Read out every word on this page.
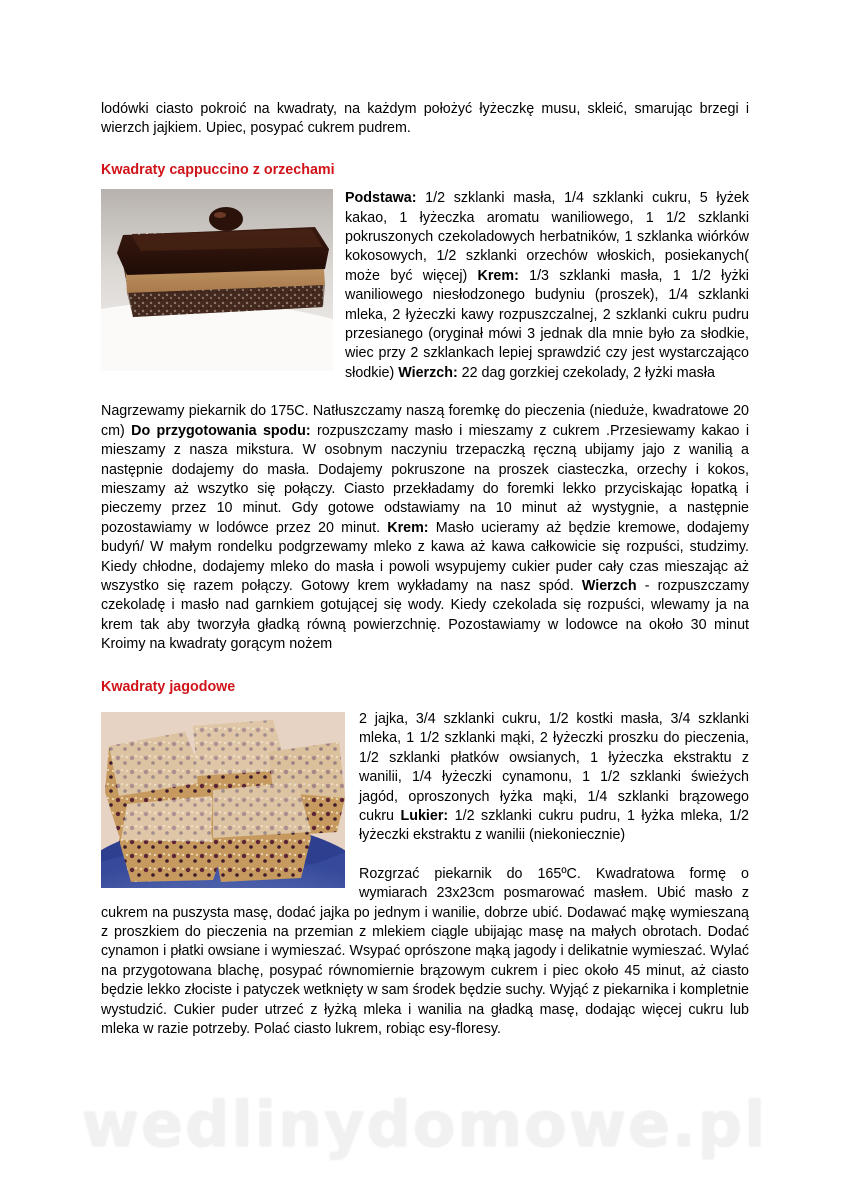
lodówki ciasto pokroić na kwadraty, na każdym położyć łyżeczkę musu, skleić, smarując brzegi i wierzch jajkiem. Upiec, posypać cukrem pudrem.

Kwadraty cappuccino z orzechami

Podstawa: 1/2 szklanki masła, 1/4 szklanki cukru, 5 łyżek kakao, 1 łyżeczka aromatu waniliowego, 1 1/2 szklanki pokruszonych czekoladowych herbatników, 1 szklanka wiórków kokosowych, 1/2 szklanki orzechów włoskich, posiekanych( może być więcej) Krem: 1/3 szklanki masła, 1 1/2 łyżki waniliowego niesłodzonego budyniu (proszek), 1/4 szklanki mleka, 2 łyżeczki kawy rozpuszczalnej, 2 szklanki cukru pudru przesianego (oryginał mówi 3 jednak dla mnie było za słodkie, wiec przy 2 szklankach lepiej sprawdzić czy jest wystarczająco słodkie) Wierzch: 22 dag gorzkiej czekolady, 2 łyżki masła

Nagrzewamy piekarnik do 175C. Natłuszczamy naszą foremkę do pieczenia (nieduże, kwadratowe 20 cm) Do przygotowania spodu: rozpuszczamy masło i mieszamy z cukrem .Przesiewamy kakao i mieszamy z nasza mikstura. W osobnym naczyniu trzepaczką ręczną ubijamy jajo z wanilią a następnie dodajemy do masła. Dodajemy pokruszone na proszek ciasteczka, orzechy i kokos, mieszamy aż wszytko się połączy. Ciasto przekładamy do foremki lekko przyciskając łopatką i pieczemy przez 10 minut. Gdy gotowe odstawiamy na 10 minut aż wystygnie, a następnie pozostawiamy w lodówce przez 20 minut. Krem: Masło ucieramy aż będzie kremowe, dodajemy budyń/ W małym rondelku podgrzewamy mleko z kawa aż kawa całkowicie się rozpuści, studzimy. Kiedy chłodne, dodajemy mleko do masła i powoli wsypujemy cukier puder cały czas mieszając aż wszystko się razem połączy. Gotowy krem wykładamy na nasz spód. Wierzch - rozpuszczamy czekoladę i masło nad garnkiem gotującej się wody. Kiedy czekolada się rozpuści, wlewamy ja na krem tak aby tworzyła gładką równą powierzchnię. Pozostawiamy w lodowce na około 30 minut Kroimy na kwadraty gorącym nożem

Kwadraty jagodowe

2 jajka, 3/4 szklanki cukru, 1/2 kostki masła, 3/4 szklanki mleka, 1 1/2 szklanki mąki, 2 łyżeczki proszku do pieczenia, 1/2 szklanki płatków owsianych, 1 łyżeczka ekstraktu z wanilii, 1/4 łyżeczki cynamonu, 1 1/2 szklanki świeżych jagód, oproszonych łyżka mąki, 1/4 szklanki brązowego cukru Lukier: 1/2 szklanki cukru pudru, 1 łyżka mleka, 1/2 łyżeczki ekstraktu z wanilii (niekoniecznie)

Rozgrzać piekarnik do 165ºC. Kwadratowa formę o wymiarach 23x23cm posmarować masłem. Ubić masło z cukrem na puszysta masę, dodać jajka po jednym i wanilie, dobrze ubić. Dodawać mąkę wymieszaną z proszkiem do pieczenia na przemian z mlekiem ciągle ubijając masę na małych obrotach. Dodać cynamon i płatki owsiane i wymieszać. Wsypać oprószone mąką jagody i delikatnie wymieszać. Wylać na przygotowana blachę, posypać równomiernie brązowym cukrem i piec około 45 minut, aż ciasto będzie lekko złociste i patyczek wetknięty w sam środek będzie suchy. Wyjąć z piekarnika i kompletnie wystudzić. Cukier puder utrzeć z łyżką mleka i wanilia na gładką masę, dodając więcej cukru lub mleka w razie potrzeby. Polać ciasto lukrem, robiąc esy-floresy.

wedlinydomowe.pl
